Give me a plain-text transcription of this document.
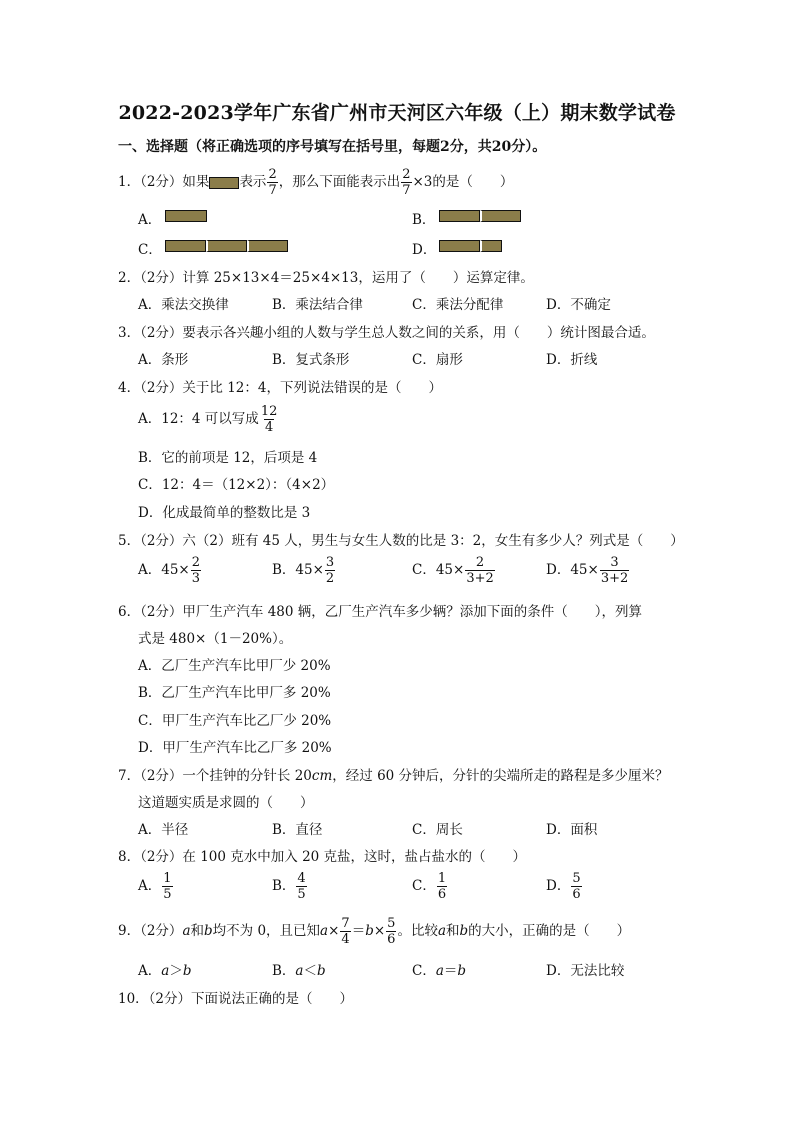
2022-2023学年广东省广州市天河区六年级（上）期末数学试卷
一、选择题（将正确选项的序号填写在括号里，每题2分，共20分）。
1．（2分）如果 表示 $\frac{2}{7}$ ，那么下面能表示出 $\frac{2}{7} \times 3$的是（　　）
A．	B．
C．	D．
2．（2分）计算 25×13×4＝25×4×13，运用了（　　）运算定律。
A．乘法交换律	B．乘法结合律	C．乘法分配律	D．不确定
3．（2分）要表示各兴趣小组的人数与学生总人数之间的关系，用（　　）统计图最合适。
A．条形	B．复式条形	C．扇形	D．折线
4．（2分）关于比 12：4，下列说法错误的是（　　）
A．12：4 可以写成 $\frac{12}{4}$
B．它的前项是 12，后项是 4
C．12：4＝（12×2）：（4×2）
D．化成最简单的整数比是 3
5．（2分）六（2）班有 45 人，男生与女生人数的比是 3：2，女生有多少人？列式是（　　）
A．$45\times \frac{2}{3}$	B．$45\times \frac{3}{2}$	C．$45\times \frac{2}{3+2}$	D．$45\times \frac{3}{3+2}$
6．（2分）甲厂生产汽车 480 辆，乙厂生产汽车多少辆？添加下面的条件（　　），列算
式是 480×（1－20%）。
A．乙厂生产汽车比甲厂少 20%
B．乙厂生产汽车比甲厂多 20%
C．甲厂生产汽车比乙厂少 20%
D．甲厂生产汽车比乙厂多 20%
7．（2分）一个挂钟的分针长 20cm，经过 60 分钟后，分针的尖端所走的路程是多少厘米？
这道题实质是求圆的（　　）
A．半径	B．直径	C．周长	D．面积
8．（2分）在 100 克水中加入 20 克盐，这时，盐占盐水的（　　）
A． $\frac{1}{5}$	B． $\frac{4}{5}$	C． $\frac{1}{6}$	D． $\frac{5}{6}$
9．（2分）a和b均不为 0，且已知$a\times \frac{7}{4} =b\times \frac{5}{6}$ 。比较a和b的大小，正确的是（　　）
A．a＞b	B．a＜b	C．a＝b	D．无法比较
10．（2分）下面说法正确的是（　　）
